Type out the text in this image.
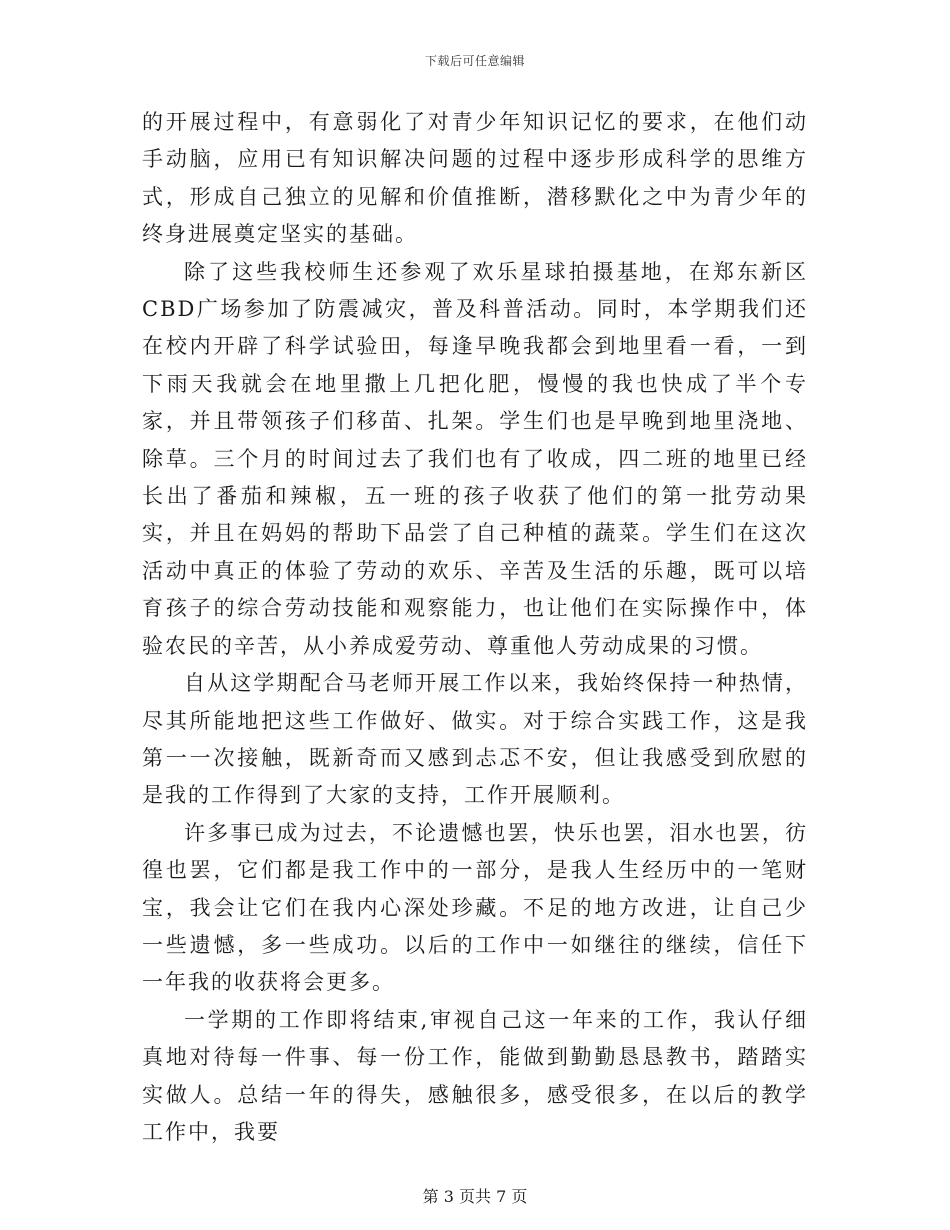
下载后可任意编辑

的开展过程中，有意弱化了对青少年知识记忆的要求，在他们动手动脑，应用已有知识解决问题的过程中逐步形成科学的思维方式，形成自己独立的见解和价值推断，潜移默化之中为青少年的终身进展奠定坚实的基础。

除了这些我校师生还参观了欢乐星球拍摄基地，在郑东新区CBD广场参加了防震减灾，普及科普活动。同时，本学期我们还在校内开辟了科学试验田，每逢早晚我都会到地里看一看，一到下雨天我就会在地里撒上几把化肥，慢慢的我也快成了半个专家，并且带领孩子们移苗、扎架。学生们也是早晚到地里浇地、除草。三个月的时间过去了我们也有了收成，四二班的地里已经长出了番茄和辣椒，五一班的孩子收获了他们的第一批劳动果实，并且在妈妈的帮助下品尝了自己种植的蔬菜。学生们在这次活动中真正的体验了劳动的欢乐、辛苦及生活的乐趣，既可以培育孩子的综合劳动技能和观察能力，也让他们在实际操作中，体验农民的辛苦，从小养成爱劳动、尊重他人劳动成果的习惯。

自从这学期配合马老师开展工作以来，我始终保持一种热情，尽其所能地把这些工作做好、做实。对于综合实践工作，这是我第一一次接触，既新奇而又感到忐忑不安，但让我感受到欣慰的是我的工作得到了大家的支持，工作开展顺利。

许多事已成为过去，不论遗憾也罢，快乐也罢，泪水也罢，彷徨也罢，它们都是我工作中的一部分，是我人生经历中的一笔财宝，我会让它们在我内心深处珍藏。不足的地方改进，让自己少一些遗憾，多一些成功。以后的工作中一如继往的继续，信任下一年我的收获将会更多。

一学期的工作即将结束,审视自己这一年来的工作，我认仔细真地对待每一件事、每一份工作，能做到勤勤恳恳教书，踏踏实实做人。总结一年的得失，感触很多，感受很多，在以后的教学工作中，我要

第 3 页共 7 页
